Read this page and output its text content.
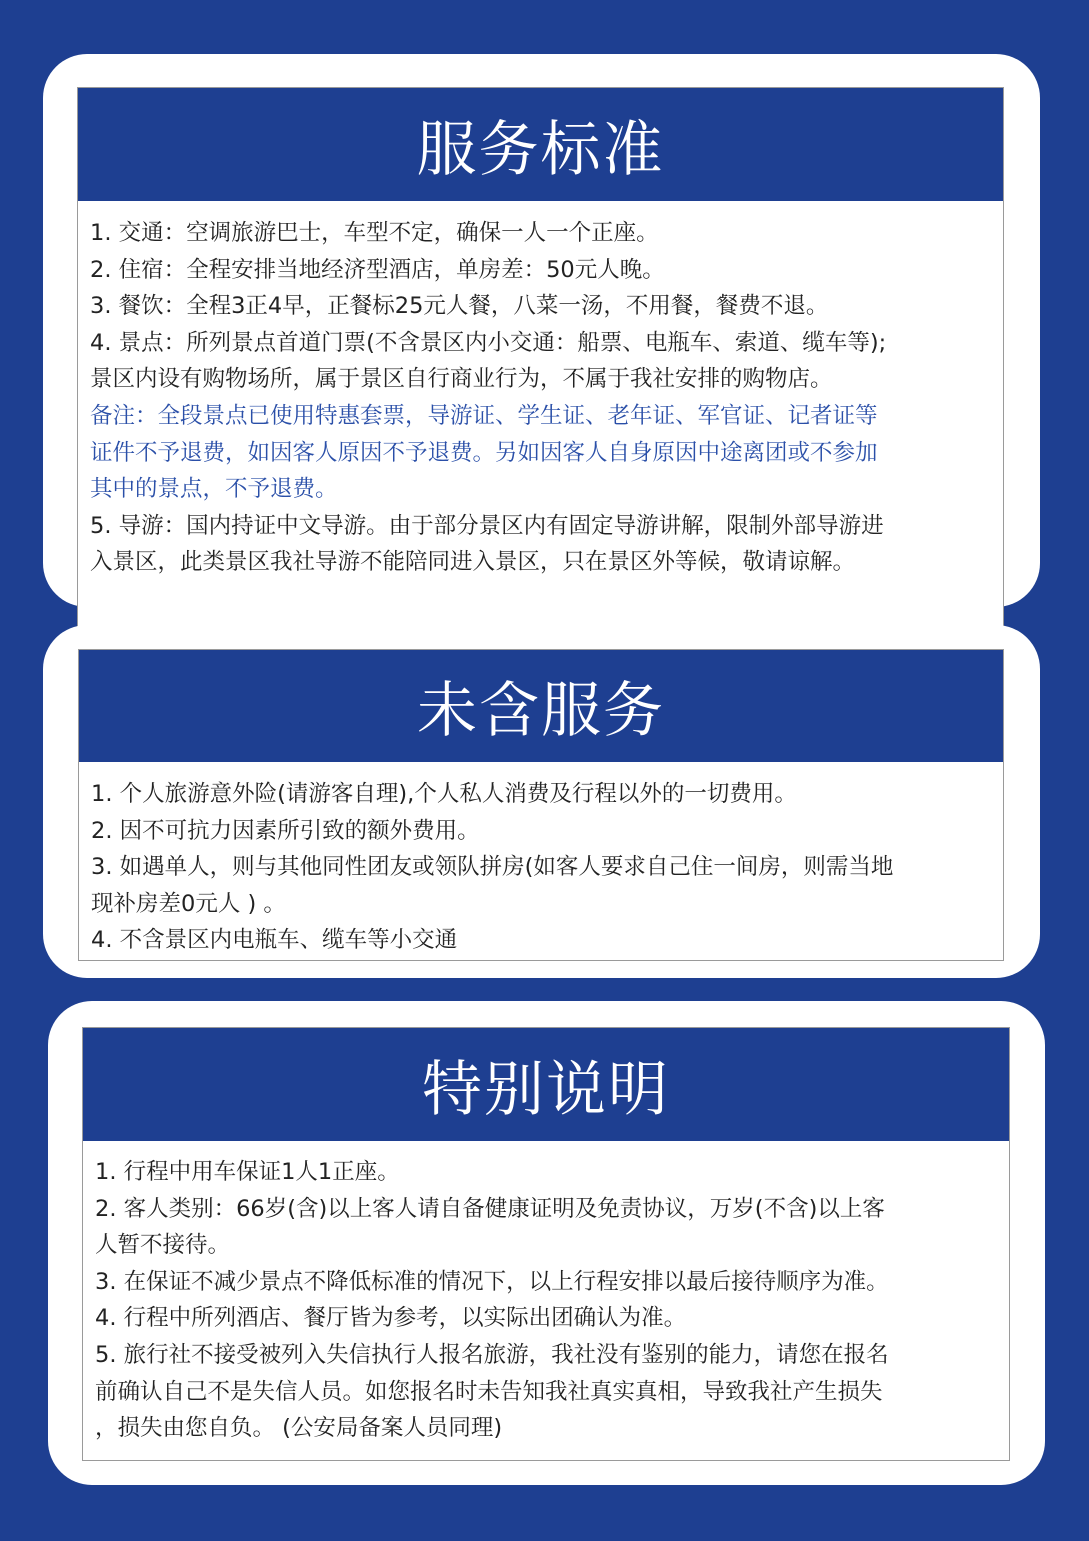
服务标准
1. 交通：空调旅游巴士，车型不定，确保一人一个正座。
2. 住宿：全程安排当地经济型酒店，单房差：50元人晚。
3. 餐饮：全程3正4早，正餐标25元人餐，八菜一汤，不用餐，餐费不退。
4. 景点：所列景点首道门票(不含景区内小交通：船票、电瓶车、索道、缆车等);
景区内设有购物场所，属于景区自行商业行为，不属于我社安排的购物店。
备注：全段景点已使用特惠套票，导游证、学生证、老年证、军官证、记者证等
证件不予退费，如因客人原因不予退费。另如因客人自身原因中途离团或不参加
其中的景点，不予退费。
5. 导游：国内持证中文导游。由于部分景区内有固定导游讲解，限制外部导游进
入景区，此类景区我社导游不能陪同进入景区，只在景区外等候，敬请谅解。
未含服务
1. 个人旅游意外险(请游客自理),个人私人消费及行程以外的一切费用。
2. 因不可抗力因素所引致的额外费用。
3. 如遇单人，则与其他同性团友或领队拼房(如客人要求自己住一间房，则需当地
现补房差0元人 ) 。
4. 不含景区内电瓶车、缆车等小交通
特别说明
1. 行程中用车保证1人1正座。
2. 客人类别：66岁(含)以上客人请自备健康证明及免责协议，万岁(不含)以上客
人暂不接待。
3. 在保证不减少景点不降低标准的情况下，以上行程安排以最后接待顺序为准。
4. 行程中所列酒店、餐厅皆为参考，以实际出团确认为准。
5. 旅行社不接受被列入失信执行人报名旅游，我社没有鉴别的能力，请您在报名
前确认自己不是失信人员。如您报名时未告知我社真实真相，导致我社产生损失
，损失由您自负。 (公安局备案人员同理)
